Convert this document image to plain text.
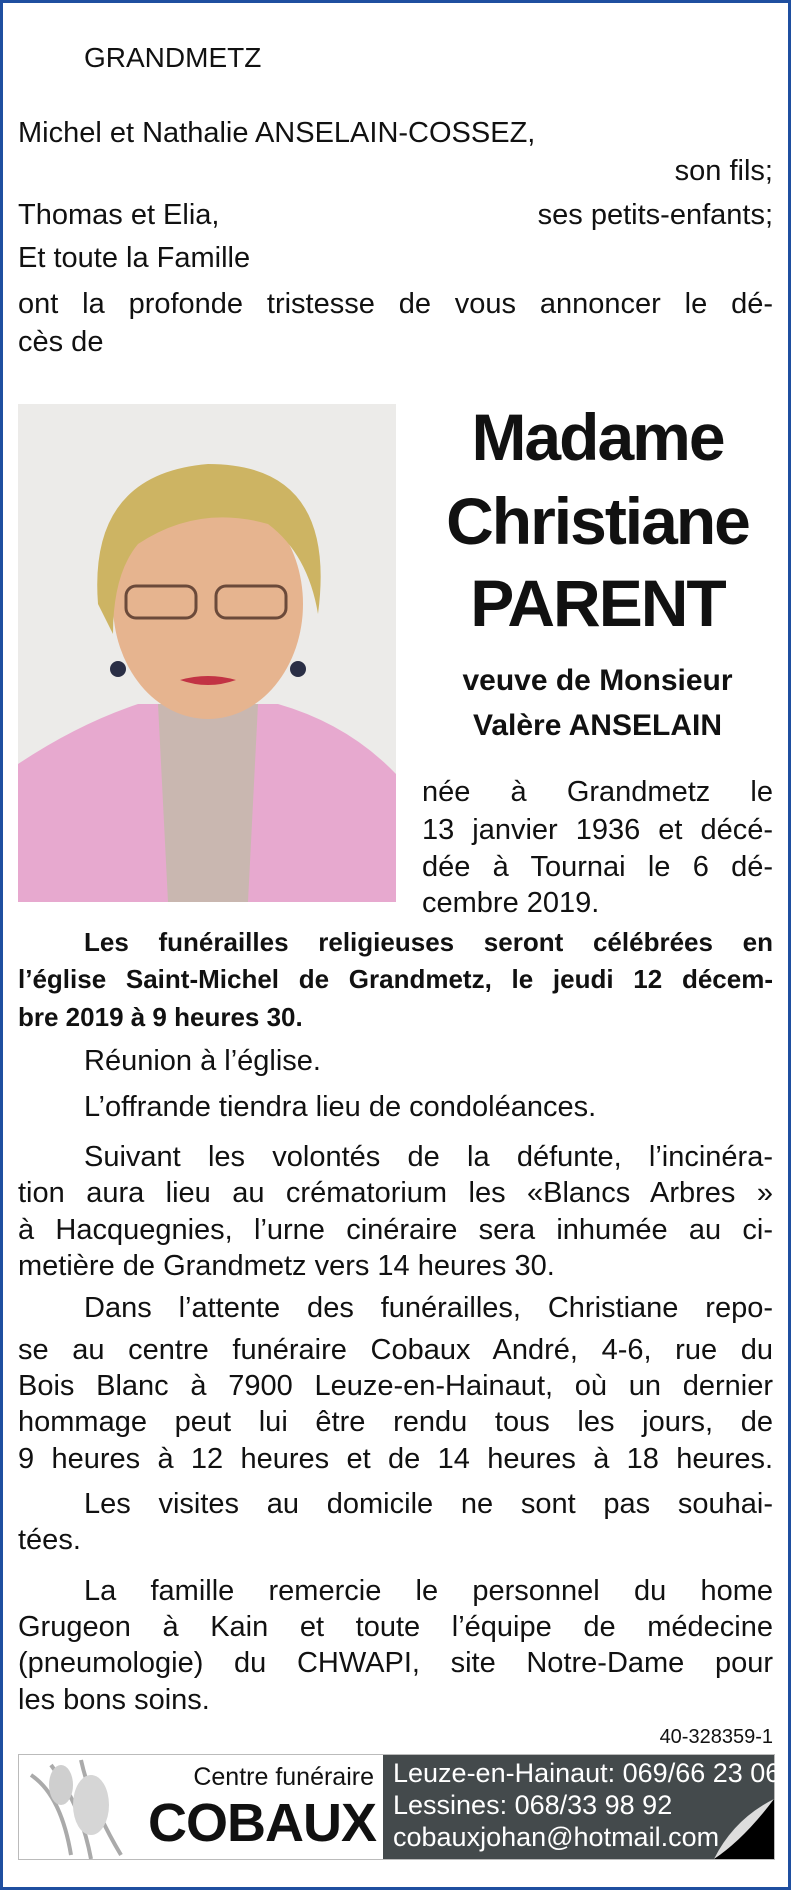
GRANDMETZ
Michel et Nathalie ANSELAIN-COSSEZ,
son fils;
Thomas et Elia,	ses petits-enfants;
Et toute la Famille
ont la profonde tristesse de vous annoncer le dé-
cès de
Madame
Christiane
PARENT
veuve de Monsieur
Valère ANSELAIN
née à Grandmetz le
13 janvier 1936 et décé-
dée à Tournai le 6 dé-
cembre 2019.
Les funérailles religieuses seront célébrées en
l’église Saint-Michel de Grandmetz, le jeudi 12 décem-
bre 2019 à 9 heures 30.
Réunion à l’église.
L’offrande tiendra lieu de condoléances.
Suivant les volontés de la défunte, l’incinéra-
tion aura lieu au crématorium les «Blancs Arbres »
à Hacquegnies, l’urne cinéraire sera inhumée au ci-
metière de Grandmetz vers 14 heures 30.
Dans l’attente des funérailles, Christiane repo-
se au centre funéraire Cobaux André, 4-6, rue du
Bois Blanc à 7900 Leuze-en-Hainaut, où un dernier
hommage peut lui être rendu tous les jours, de
9 heures à 12 heures et de 14 heures à 18 heures.
Les visites au domicile ne sont pas souhai-
tées.
La famille remercie le personnel du home
Grugeon à Kain et toute l’équipe de médecine
(pneumologie) du CHWAPI, site Notre-Dame pour
les bons soins.
40-328359-1
Centre funéraire
COBAUX
Leuze-en-Hainaut: 069/66 23 06
Lessines: 068/33 98 92
cobauxjohan@hotmail.com
